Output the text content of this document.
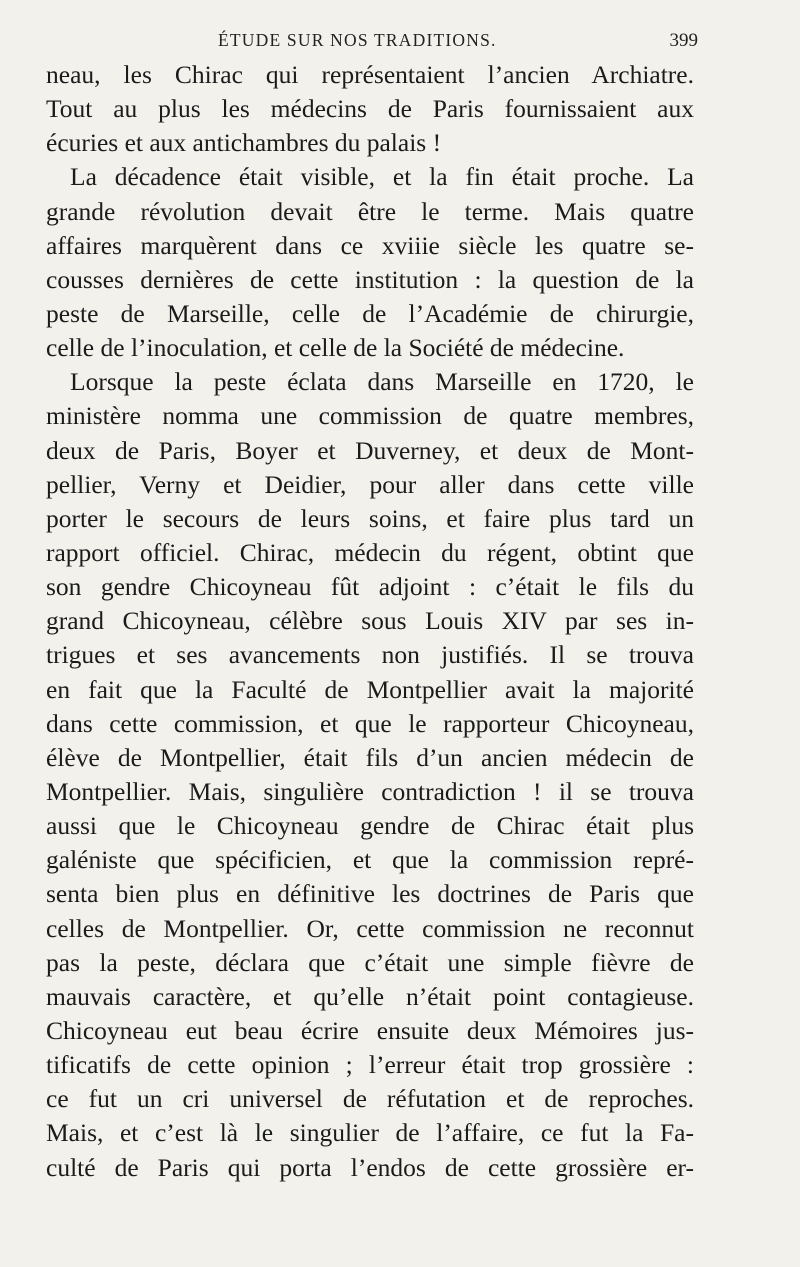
ÉTUDE SUR NOS TRADITIONS.	399
neau, les Chirac qui représentaient l’ancien Archiatre.
Tout au plus les médecins de Paris fournissaient aux
écuries et aux antichambres du palais !
La décadence était visible, et la fin était proche. La
grande révolution devait être le terme. Mais quatre
affaires marquèrent dans ce xviiie siècle les quatre se-
cousses dernières de cette institution : la question de la
peste de Marseille, celle de l’Académie de chirurgie,
celle de l’inoculation, et celle de la Société de médecine.
Lorsque la peste éclata dans Marseille en 1720, le
ministère nomma une commission de quatre membres,
deux de Paris, Boyer et Duverney, et deux de Mont-
pellier, Verny et Deidier, pour aller dans cette ville
porter le secours de leurs soins, et faire plus tard un
rapport officiel. Chirac, médecin du régent, obtint que
son gendre Chicoyneau fût adjoint : c’était le fils du
grand Chicoyneau, célèbre sous Louis XIV par ses in-
trigues et ses avancements non justifiés. Il se trouva
en fait que la Faculté de Montpellier avait la majorité
dans cette commission, et que le rapporteur Chicoyneau,
élève de Montpellier, était fils d’un ancien médecin de
Montpellier. Mais, singulière contradiction ! il se trouva
aussi que le Chicoyneau gendre de Chirac était plus
galéniste que spécificien, et que la commission repré-
senta bien plus en définitive les doctrines de Paris que
celles de Montpellier. Or, cette commission ne reconnut
pas la peste, déclara que c’était une simple fièvre de
mauvais caractère, et qu’elle n’était point contagieuse.
Chicoyneau eut beau écrire ensuite deux Mémoires jus-
tificatifs de cette opinion ; l’erreur était trop grossière :
ce fut un cri universel de réfutation et de reproches.
Mais, et c’est là le singulier de l’affaire, ce fut la Fa-
culté de Paris qui porta l’endos de cette grossière er-
